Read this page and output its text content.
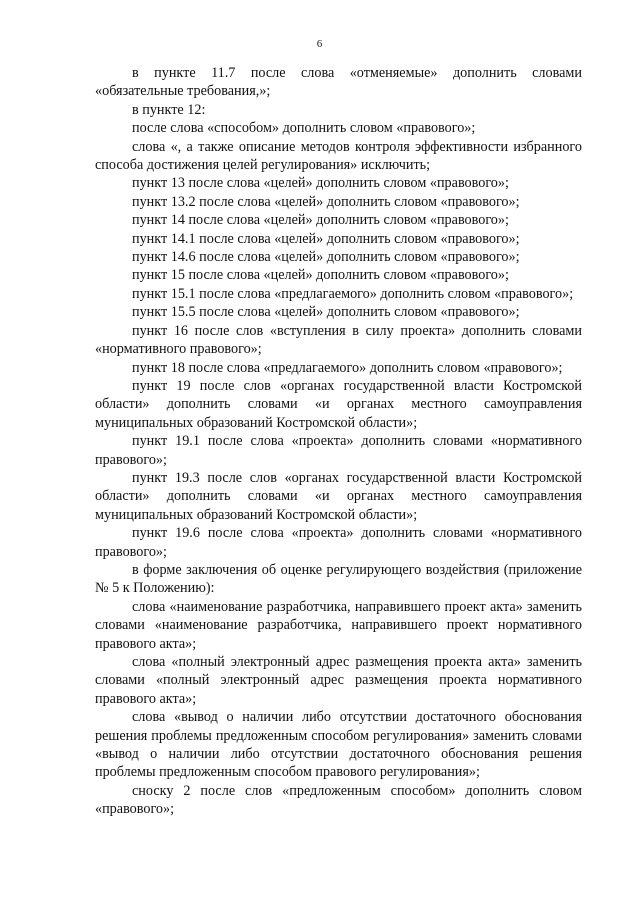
6

в пункте 11.7 после слова «отменяемые» дополнить словами «обязательные требования,»;

в пункте 12:

после слова «способом» дополнить словом «правового»;

слова «, а также описание методов контроля эффективности избранного способа достижения целей регулирования» исключить;

пункт 13 после слова «целей» дополнить словом «правового»;

пункт 13.2 после слова «целей» дополнить словом «правового»;

пункт 14 после слова «целей» дополнить словом «правового»;

пункт 14.1 после слова «целей» дополнить словом «правового»;

пункт 14.6 после слова «целей» дополнить словом «правового»;

пункт 15 после слова «целей» дополнить словом «правового»;

пункт 15.1 после слова «предлагаемого» дополнить словом «правового»;

пункт 15.5 после слова «целей» дополнить словом «правового»;

пункт 16 после слов «вступления в силу проекта» дополнить словами «нормативного правового»;

пункт 18 после слова «предлагаемого» дополнить словом «правового»;

пункт 19 после слов «органах государственной власти Костромской области» дополнить словами «и органах местного самоуправления муниципальных образований Костромской области»;

пункт 19.1 после слова «проекта» дополнить словами «нормативного правового»;

пункт 19.3 после слов «органах государственной власти Костромской области» дополнить словами «и органах местного самоуправления муниципальных образований Костромской области»;

пункт 19.6 после слова «проекта» дополнить словами «нормативного правового»;

в форме заключения об оценке регулирующего воздействия (приложение № 5 к Положению):

слова «наименование разработчика, направившего проект акта» заменить словами «наименование разработчика, направившего проект нормативного правового акта»;

слова «полный электронный адрес размещения проекта акта» заменить словами «полный электронный адрес размещения проекта нормативного правового акта»;

слова «вывод о наличии либо отсутствии достаточного обоснования решения проблемы предложенным способом регулирования» заменить словами «вывод о наличии либо отсутствии достаточного обоснования решения проблемы предложенным способом правового регулирования»;

сноску 2 после слов «предложенным способом» дополнить словом «правового»;
